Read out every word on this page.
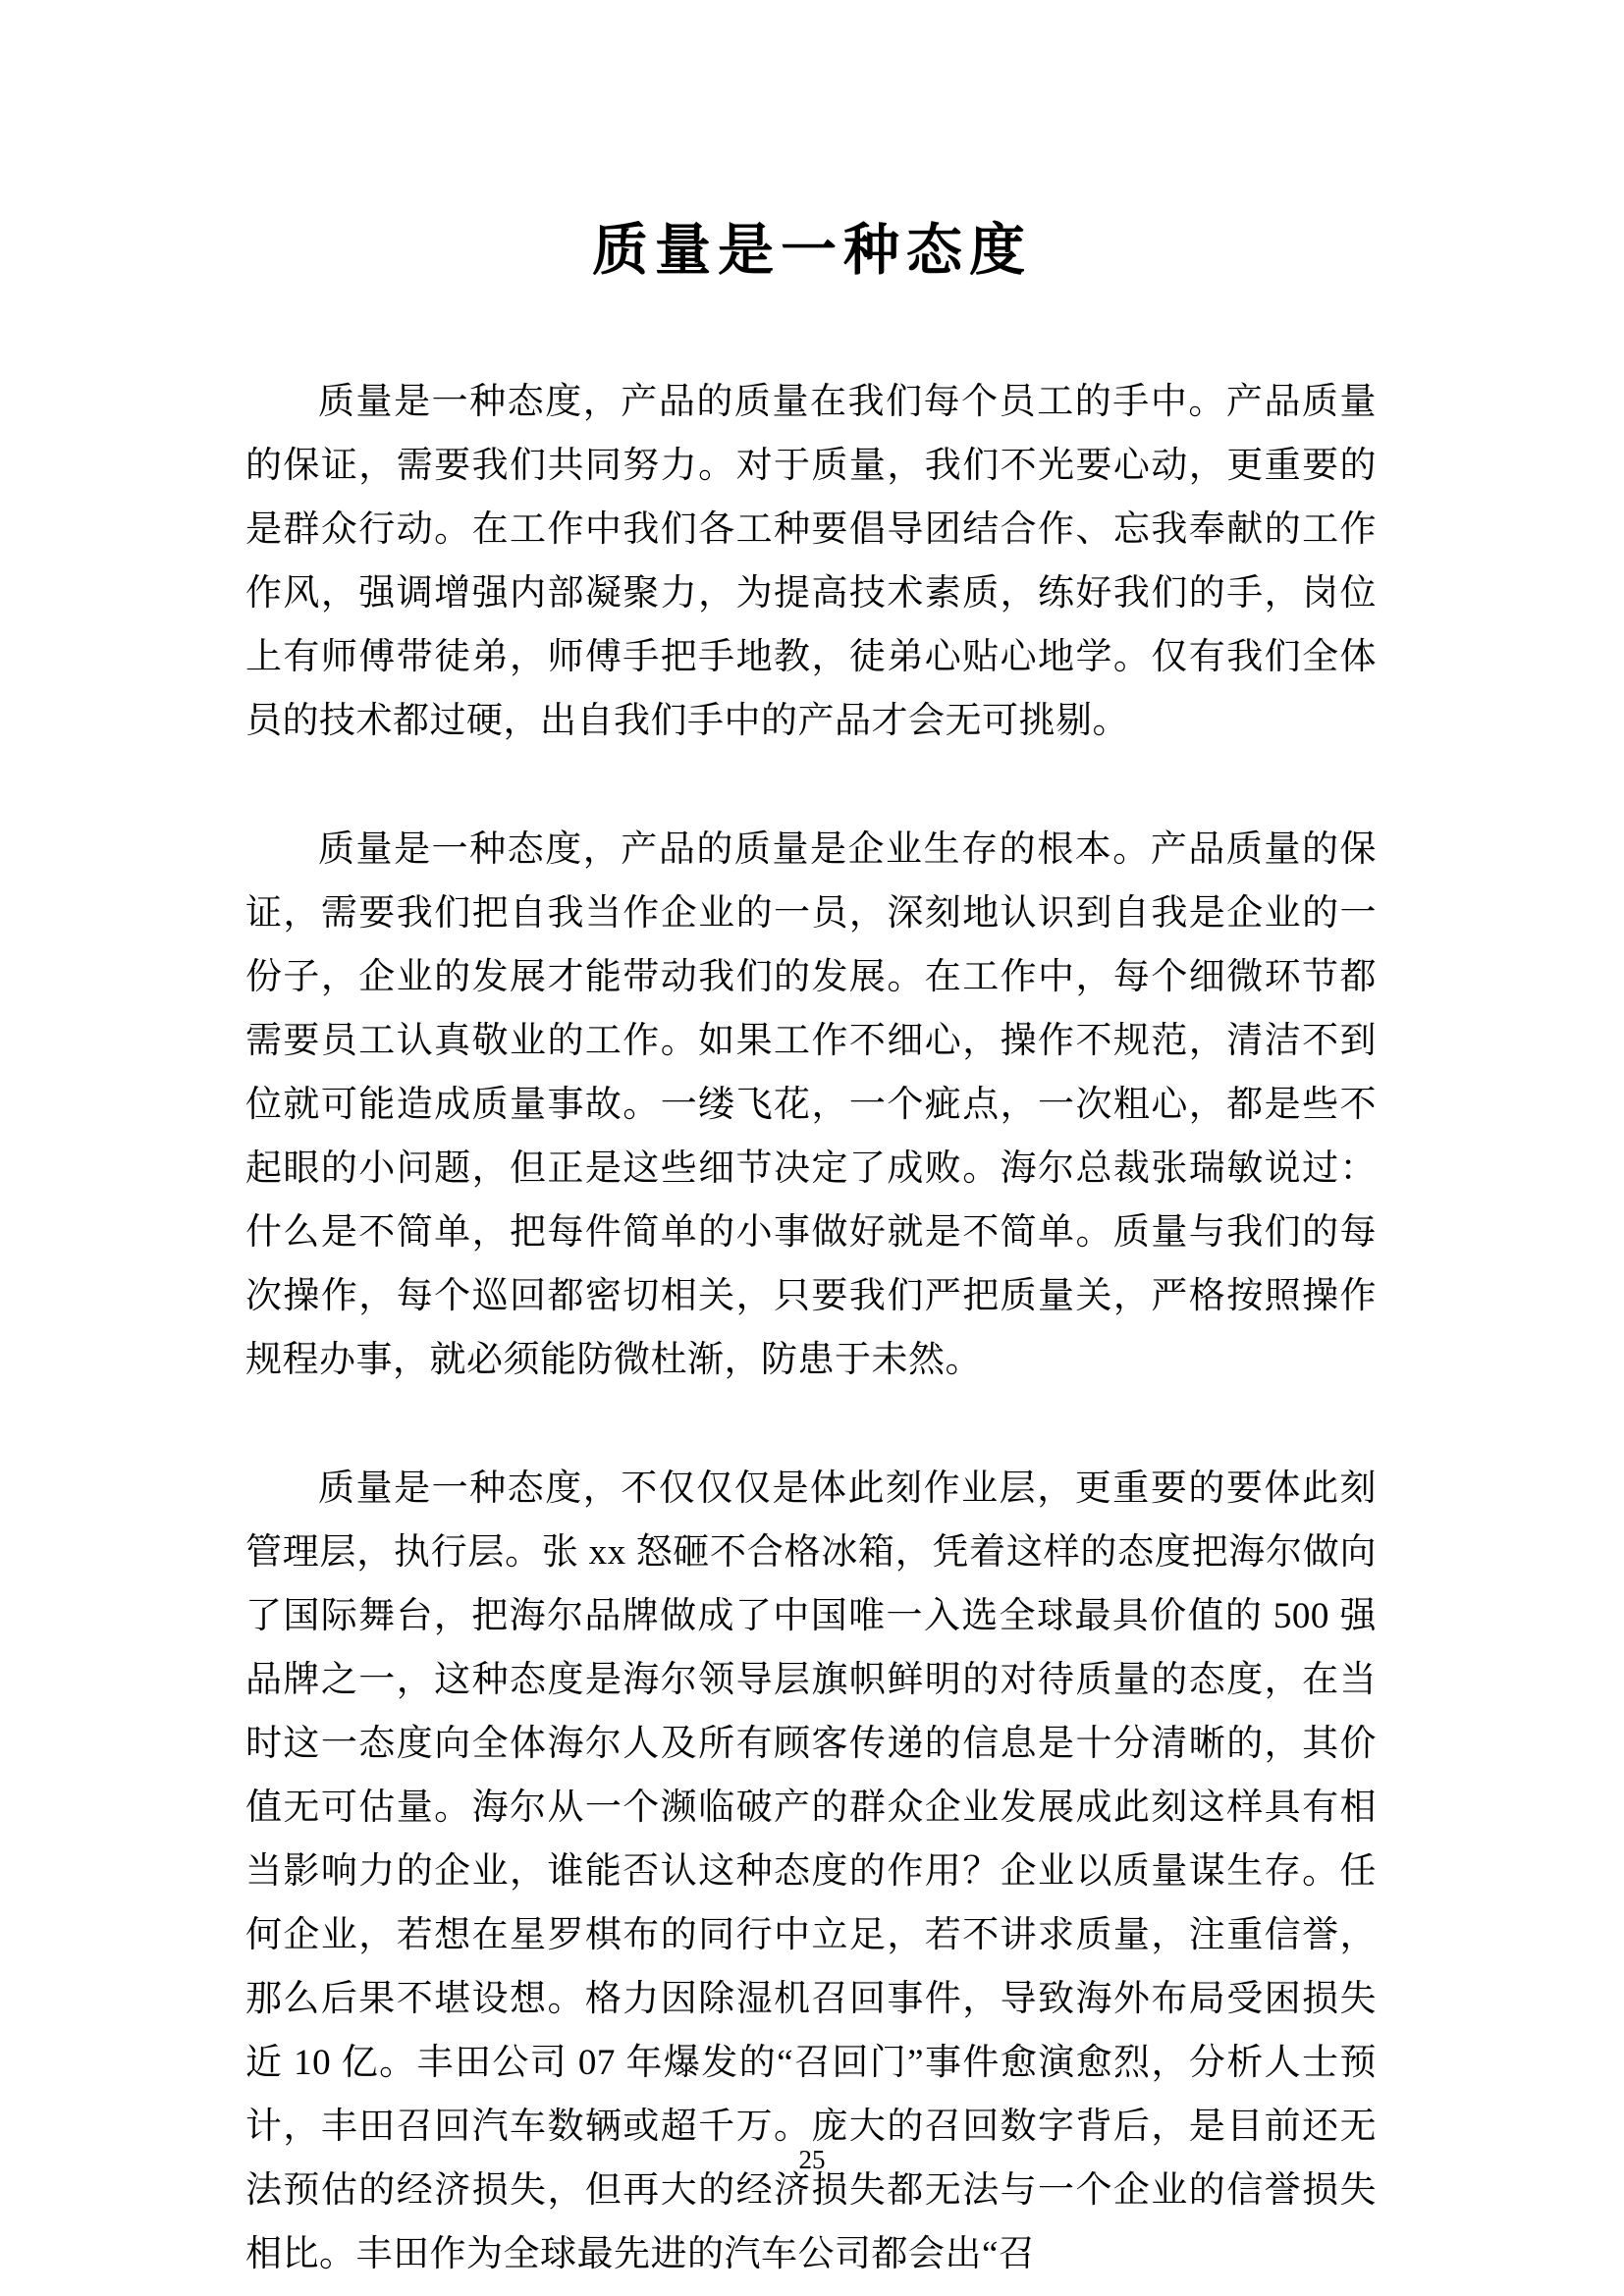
质量是一种态度

质量是一种态度，产品的质量在我们每个员工的手中。产品质量的保证，需要我们共同努力。对于质量，我们不光要心动，更重要的是群众行动。在工作中我们各工种要倡导团结合作、忘我奉献的工作作风，强调增强内部凝聚力，为提高技术素质，练好我们的手，岗位上有师傅带徒弟，师傅手把手地教，徒弟心贴心地学。仅有我们全体员的技术都过硬，出自我们手中的产品才会无可挑剔。

质量是一种态度，产品的质量是企业生存的根本。产品质量的保证，需要我们把自我当作企业的一员，深刻地认识到自我是企业的一份子，企业的发展才能带动我们的发展。在工作中，每个细微环节都需要员工认真敬业的工作。如果工作不细心，操作不规范，清洁不到位就可能造成质量事故。一缕飞花，一个疵点，一次粗心，都是些不起眼的小问题，但正是这些细节决定了成败。海尔总裁张瑞敏说过：什么是不简单，把每件简单的小事做好就是不简单。质量与我们的每次操作，每个巡回都密切相关，只要我们严把质量关，严格按照操作规程办事，就必须能防微杜渐，防患于未然。

质量是一种态度，不仅仅仅是体此刻作业层，更重要的要体此刻管理层，执行层。张 xx 怒砸不合格冰箱，凭着这样的态度把海尔做向了国际舞台，把海尔品牌做成了中国唯一入选全球最具价值的 500 强品牌之一，这种态度是海尔领导层旗帜鲜明的对待质量的态度，在当时这一态度向全体海尔人及所有顾客传递的信息是十分清晰的，其价值无可估量。海尔从一个濒临破产的群众企业发展成此刻这样具有相当影响力的企业，谁能否认这种态度的作用？企业以质量谋生存。任何企业，若想在星罗棋布的同行中立足，若不讲求质量，注重信誉，那么后果不堪设想。格力因除湿机召回事件，导致海外布局受困损失近 10 亿。丰田公司 07 年爆发的“召回门”事件愈演愈烈，分析人士预计，丰田召回汽车数辆或超千万。庞大的召回数字背后，是目前还无法预估的经济损失，但再大的经济损失都无法与一个企业的信誉损失相比。丰田作为全球最先进的汽车公司都会出“召

25
